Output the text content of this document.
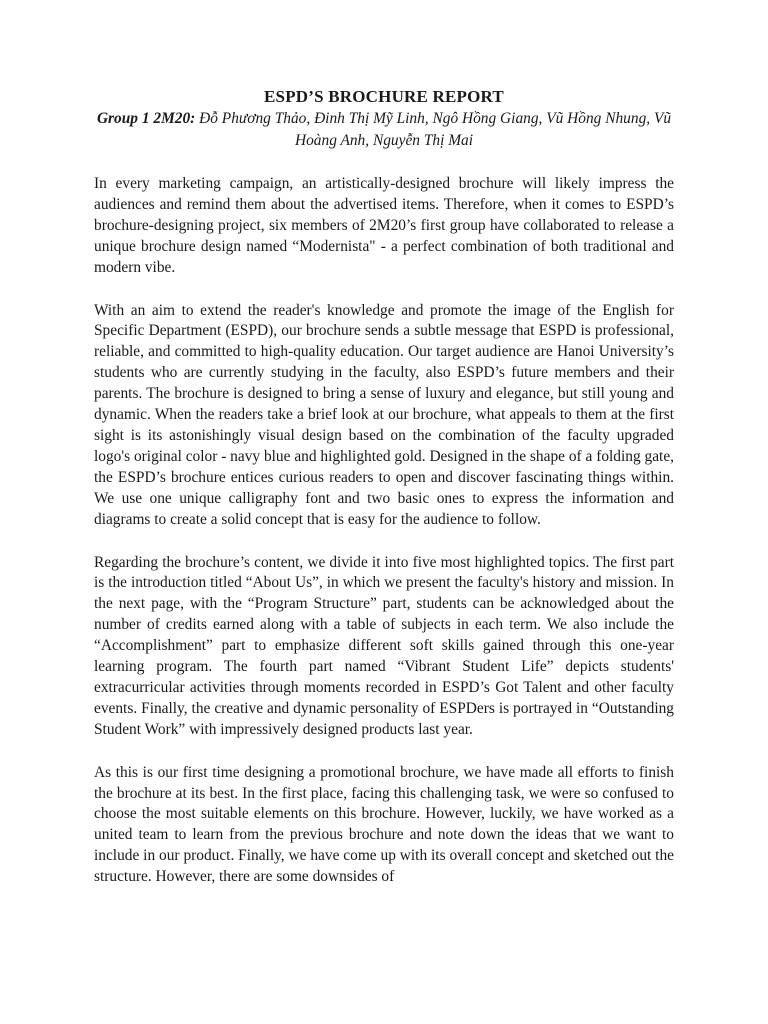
ESPD’S BROCHURE REPORT

Group 1 2M20: Đỗ Phương Thảo, Đinh Thị Mỹ Linh, Ngô Hồng Giang, Vũ Hồng Nhung, Vũ Hoàng Anh, Nguyễn Thị Mai

In every marketing campaign, an artistically-designed brochure will likely impress the audiences and remind them about the advertised items. Therefore, when it comes to ESPD’s brochure-designing project, six members of 2M20’s first group have collaborated to release a unique brochure design named “Modernista" - a perfect combination of both traditional and modern vibe.

With an aim to extend the reader's knowledge and promote the image of the English for Specific Department (ESPD), our brochure sends a subtle message that ESPD is professional, reliable, and committed to high-quality education. Our target audience are Hanoi University’s students who are currently studying in the faculty, also ESPD’s future members and their parents. The brochure is designed to bring a sense of luxury and elegance, but still young and dynamic. When the readers take a brief look at our brochure, what appeals to them at the first sight is its astonishingly visual design based on the combination of the faculty upgraded logo's original color - navy blue and highlighted gold. Designed in the shape of a folding gate, the ESPD’s brochure entices curious readers to open and discover fascinating things within. We use one unique calligraphy font and two basic ones to express the information and diagrams to create a solid concept that is easy for the audience to follow.

Regarding the brochure’s content, we divide it into five most highlighted topics. The first part is the introduction titled “About Us”, in which we present the faculty's history and mission. In the next page, with the “Program Structure” part, students can be acknowledged about the number of credits earned along with a table of subjects in each term. We also include the “Accomplishment” part to emphasize different soft skills gained through this one-year learning program. The fourth part named “Vibrant Student Life” depicts students' extracurricular activities through moments recorded in ESPD’s Got Talent and other faculty events. Finally, the creative and dynamic personality of ESPDers is portrayed in “Outstanding Student Work” with impressively designed products last year.

As this is our first time designing a promotional brochure, we have made all efforts to finish the brochure at its best. In the first place, facing this challenging task, we were so confused to choose the most suitable elements on this brochure. However, luckily, we have worked as a united team to learn from the previous brochure and note down the ideas that we want to include in our product. Finally, we have come up with its overall concept and sketched out the structure. However, there are some downsides of
